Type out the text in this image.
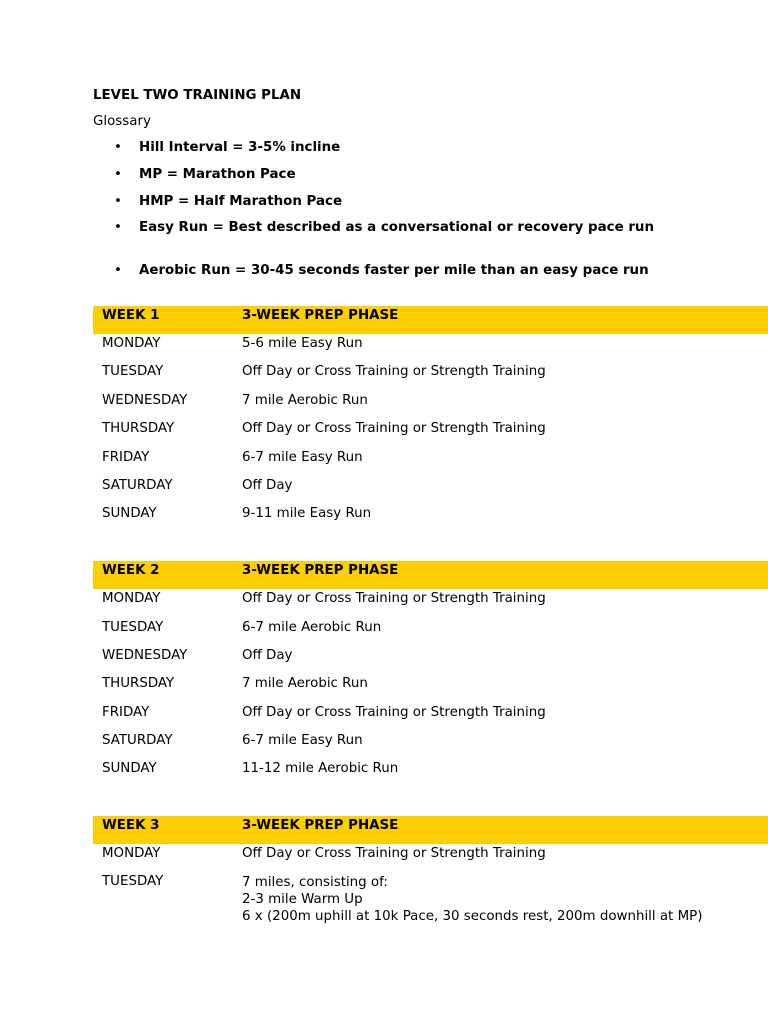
LEVEL TWO TRAINING PLAN
Glossary
• Hill Interval = 3-5% incline
• MP = Marathon Pace
• HMP = Half Marathon Pace
• Easy Run = Best described as a conversational or recovery pace run
• Aerobic Run = 30-45 seconds faster per mile than an easy pace run
WEEK 1	3-WEEK PREP PHASE
MONDAY	5-6 mile Easy Run
TUESDAY	Off Day or Cross Training or Strength Training
WEDNESDAY	7 mile Aerobic Run
THURSDAY	Off Day or Cross Training or Strength Training
FRIDAY	6-7 mile Easy Run
SATURDAY	Off Day
SUNDAY	9-11 mile Easy Run
WEEK 2	3-WEEK PREP PHASE
MONDAY	Off Day or Cross Training or Strength Training
TUESDAY	6-7 mile Aerobic Run
WEDNESDAY	Off Day
THURSDAY	7 mile Aerobic Run
FRIDAY	Off Day or Cross Training or Strength Training
SATURDAY	6-7 mile Easy Run
SUNDAY	11-12 mile Aerobic Run
WEEK 3	3-WEEK PREP PHASE
MONDAY	Off Day or Cross Training or Strength Training
TUESDAY	7 miles, consisting of:
2-3 mile Warm Up
6 x (200m uphill at 10k Pace, 30 seconds rest, 200m downhill at MP)
